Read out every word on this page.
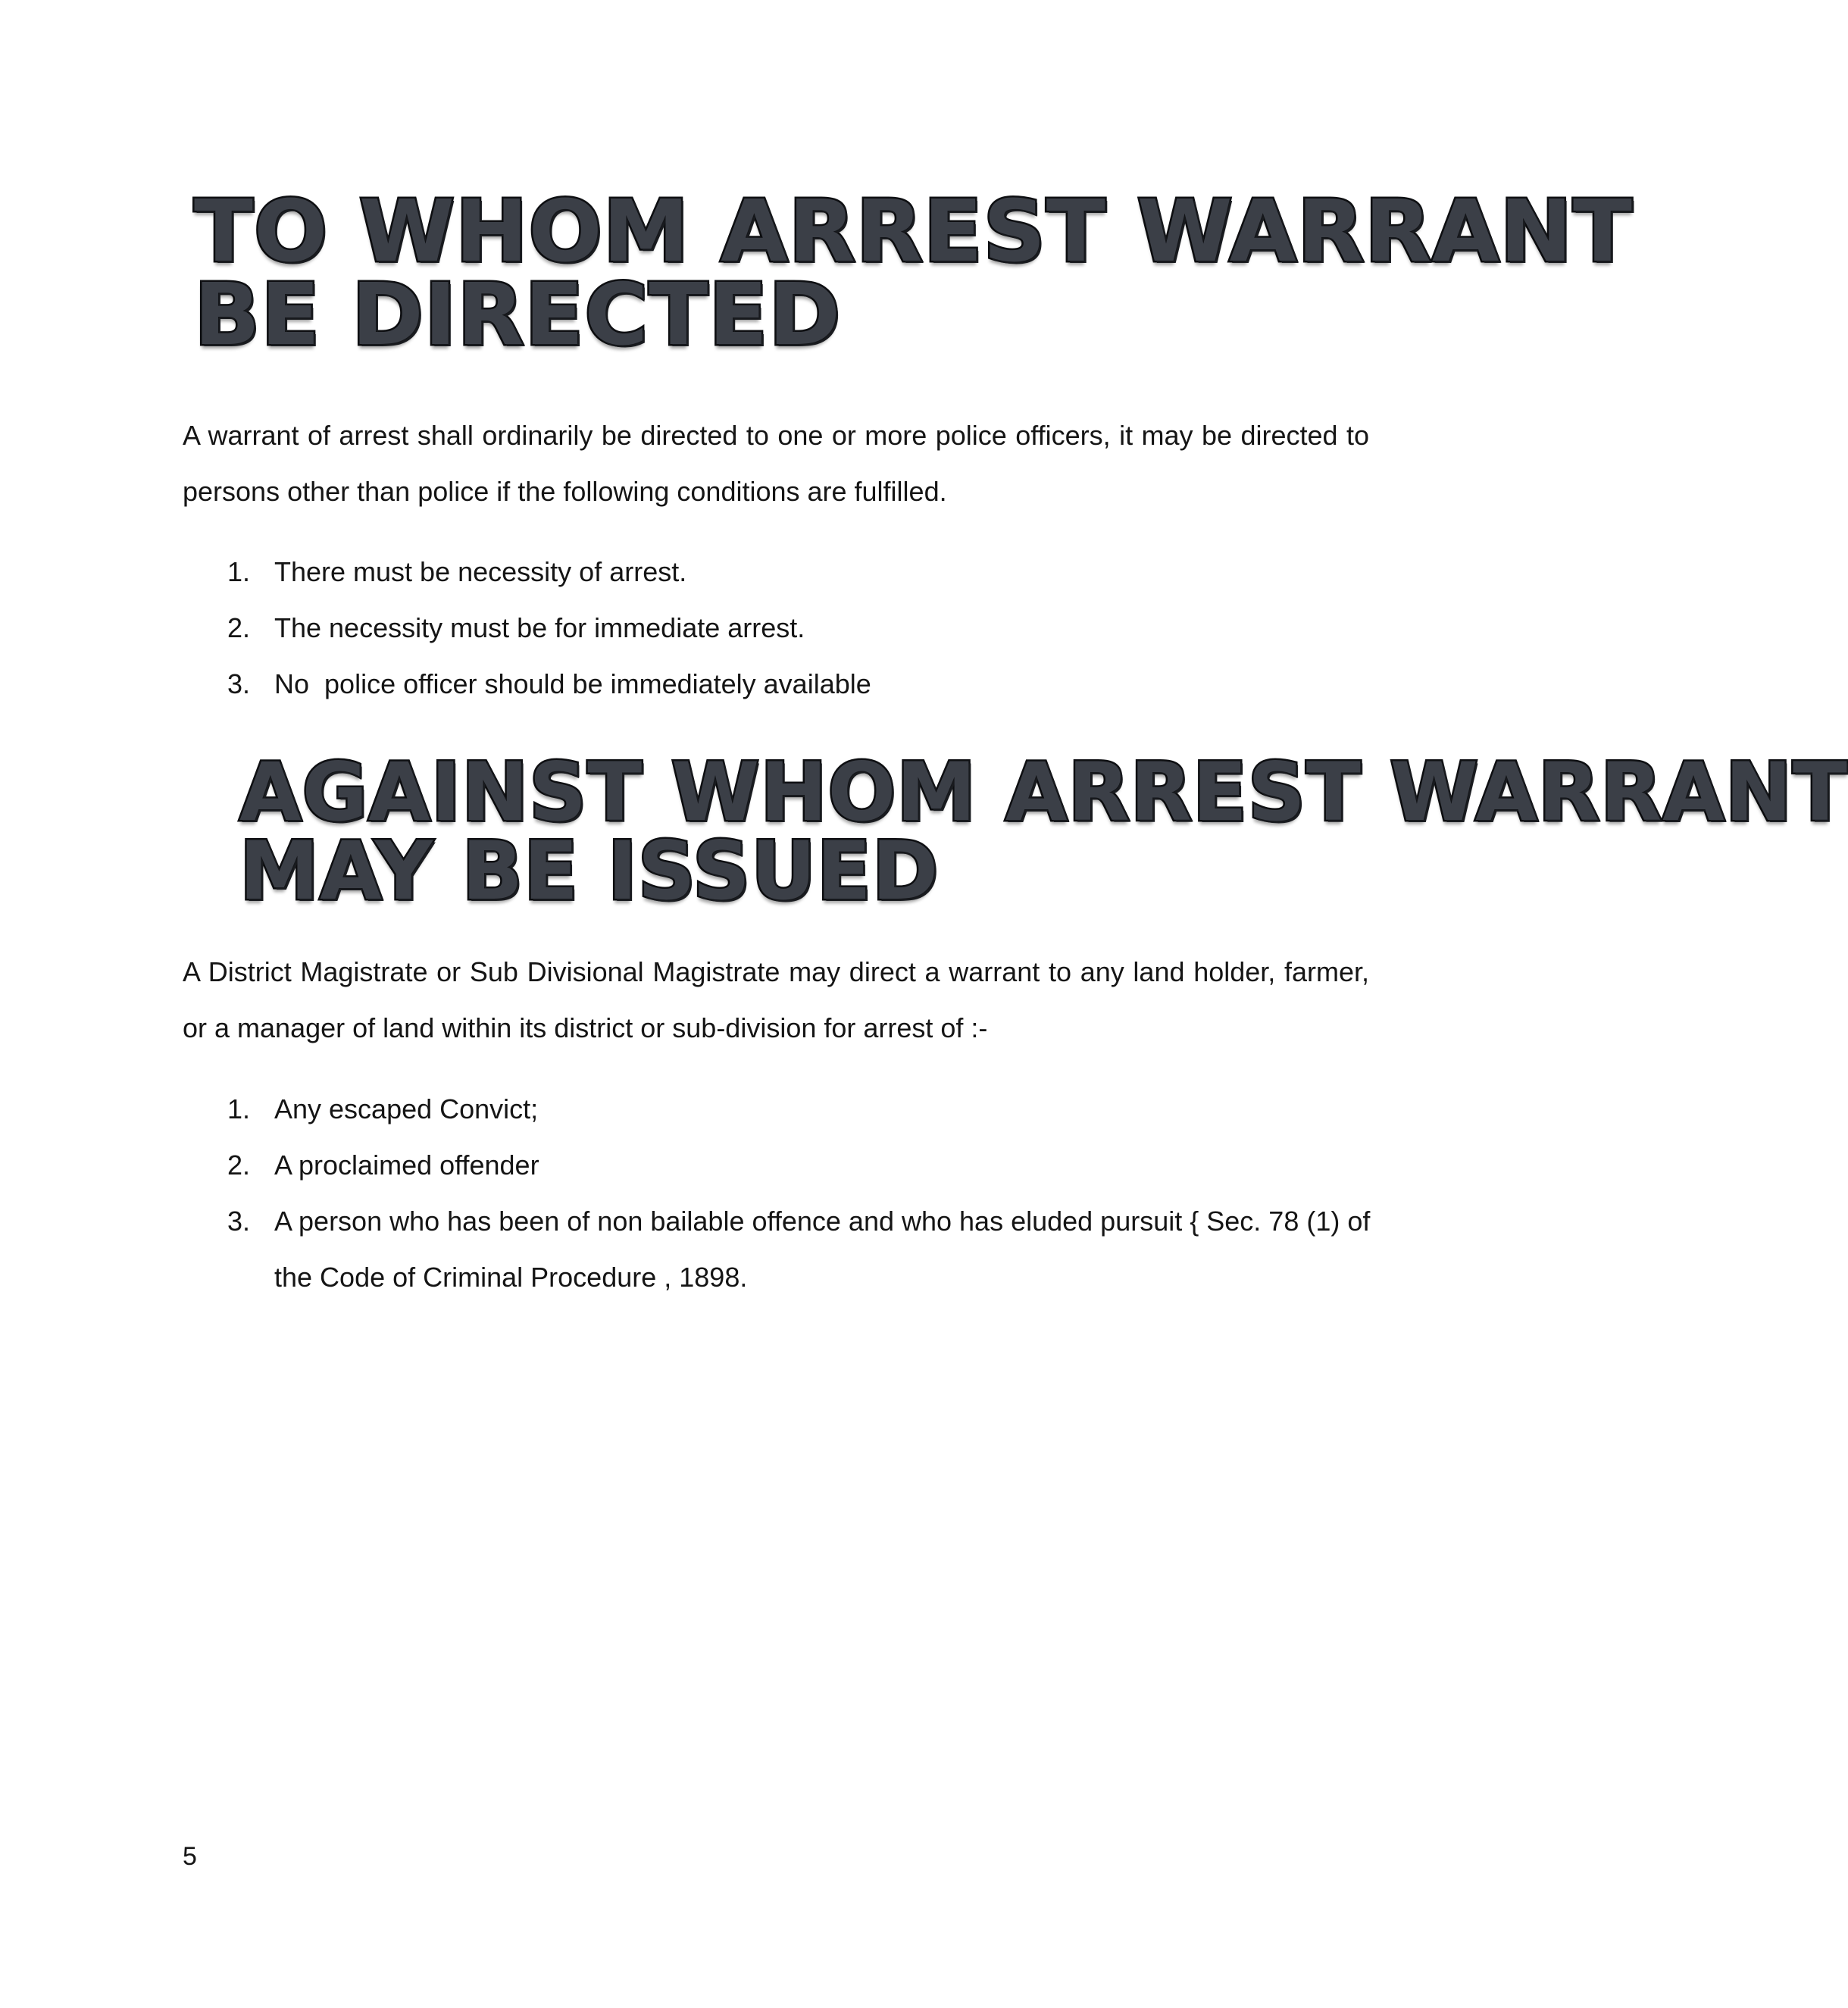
TO WHOM ARREST WARRANT
BE DIRECTED

A warrant of arrest shall ordinarily be directed to one or more police officers, it may be directed to persons other than police if the following conditions are fulfilled.

1. There must be necessity of arrest.
2. The necessity must be for immediate arrest.
3. No  police officer should be immediately available
AGAINST WHOM ARREST WARRANT
MAY BE ISSUED

A District Magistrate or Sub Divisional Magistrate may direct a warrant to any land holder, farmer, or a manager of land within its district or sub-division for arrest of :-

1. Any escaped Convict;
2. A proclaimed offender
3. A person who has been of non bailable offence and who has eluded pursuit { Sec. 78 (1) of the Code of Criminal Procedure , 1898.

5
